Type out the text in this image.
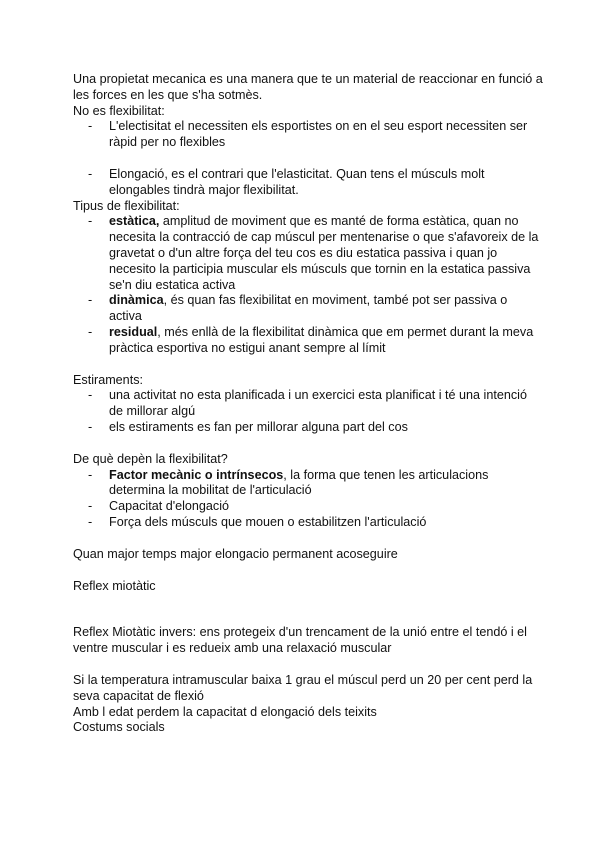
Una propietat mecanica es una manera que te un material de reaccionar en funció a les forces en les que s'ha sotmès.

No es flexibilitat:

- L'electisitat el necessiten els esportistes on en el seu esport necessiten ser ràpid per no flexibles
- Elongació, es el contrari que l'elasticitat. Quan tens el músculs molt elongables tindrà major flexibilitat.

Tipus de flexibilitat:

- estàtica, amplitud de moviment que es manté de forma estàtica, quan no necesita la contracció de cap múscul per mentenarise o que s'afavoreix de la gravetat o d'un altre força del teu cos es diu estatica passiva i quan jo necesito la participia muscular els músculs que tornin en la estatica passiva se'n diu estatica activa
- dinàmica, és quan fas flexibilitat en moviment, també pot ser passiva o activa
- residual, més enllà de la flexibilitat dinàmica que em permet durant la meva pràctica esportiva no estigui anant sempre al límit

Estiraments:

- una activitat no esta planificada i un exercici esta planificat i té una intenció de millorar algú
- els estiraments es fan per millorar alguna part del cos

De què depèn la flexibilitat?

- Factor mecànic o intrínsecos, la forma que tenen les articulacions determina la mobilitat de l'articulació
- Capacitat d'elongació
- Força dels músculs que mouen o estabilitzen l'articulació

Quan major temps major elongacio permanent acoseguire

Reflex miotàtic

Reflex Miotàtic invers: ens protegeix d'un trencament de la unió entre el tendó i el ventre muscular i es redueix amb una relaxació muscular

Si la temperatura intramuscular baixa 1 grau el múscul perd un 20 per cent perd la seva capacitat de flexió

Amb l edat perdem la capacitat d elongació dels teixits

Costums socials
